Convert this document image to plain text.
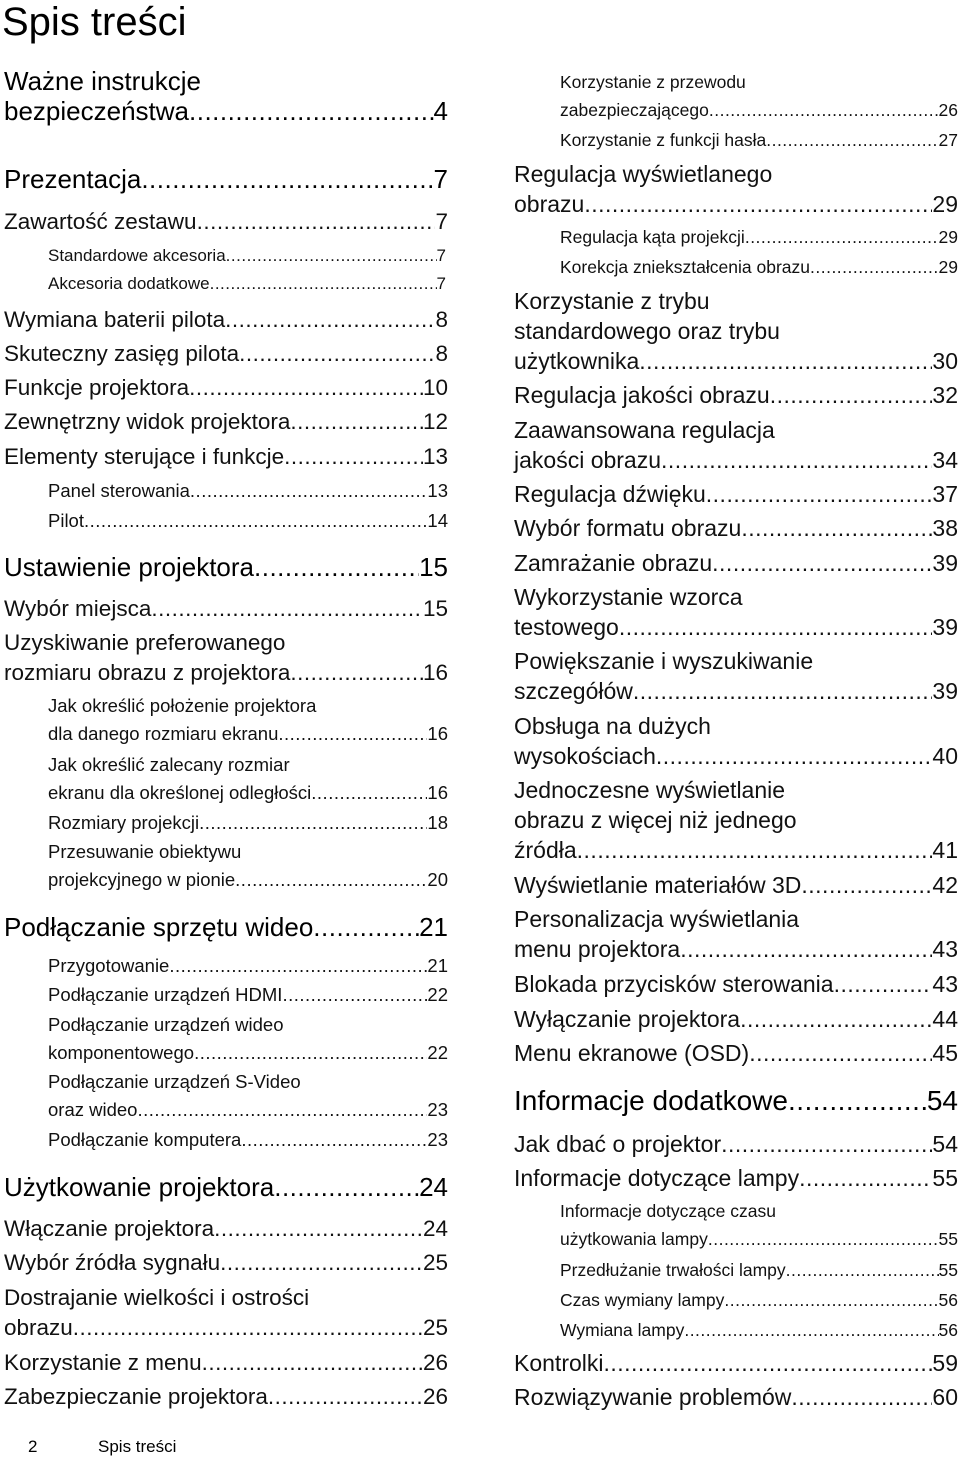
Spis treści
Ważne instrukcje
bezpieczeństwa .....	4
Prezentacja .....	7
Zawartość zestawu .....	7
Standardowe akcesoria .....	7
Akcesoria dodatkowe .....	7
Wymiana baterii pilota .....	8
Skuteczny zasięg pilota .....	8
Funkcje projektora .....	10
Zewnętrzny widok projektora .....	12
Elementy sterujące i funkcje .....	13
Panel sterowania .....	13
Pilot .....	14
Ustawienie projektora .....	15
Wybór miejsca .....	15
Uzyskiwanie preferowanego
rozmiaru obrazu z projektora .....	16
Jak określić położenie projektora
dla danego rozmiaru ekranu .....	16
Jak określić zalecany rozmiar
ekranu dla określonej odległości .....	16
Rozmiary projekcji .....	18
Przesuwanie obiektywu
projekcyjnego w pionie .....	20
Podłączanie sprzętu wideo .....	21
Przygotowanie .....	21
Podłączanie urządzeń HDMI .....	22
Podłączanie urządzeń wideo
komponentowego .....	22
Podłączanie urządzeń S-Video
oraz wideo .....	23
Podłączanie komputera .....	23
Użytkowanie projektora .....	24
Włączanie projektora .....	24
Wybór źródła sygnału .....	25
Dostrajanie wielkości i ostrości
obrazu .....	25
Korzystanie z menu .....	26
Zabezpieczanie projektora .....	26
Korzystanie z przewodu
zabezpieczającego .....	26
Korzystanie z funkcji hasła .....	27
Regulacja wyświetlanego
obrazu .....	29
Regulacja kąta projekcji .....	29
Korekcja zniekształcenia obrazu .....	29
Korzystanie z trybu
standardowego oraz trybu
użytkownika .....	30
Regulacja jakości obrazu .....	32
Zaawansowana regulacja
jakości obrazu .....	34
Regulacja dźwięku .....	37
Wybór formatu obrazu .....	38
Zamrażanie obrazu .....	39
Wykorzystanie wzorca
testowego .....	39
Powiększanie i wyszukiwanie
szczegółów .....	39
Obsługa na dużych
wysokościach .....	40
Jednoczesne wyświetlanie
obrazu z więcej niż jednego
źródła .....	41
Wyświetlanie materiałów 3D .....	42
Personalizacja wyświetlania
menu projektora .....	43
Blokada przycisków sterowania .....	43
Wyłączanie projektora .....	44
Menu ekranowe (OSD) .....	45
Informacje dodatkowe .....	54
Jak dbać o projektor .....	54
Informacje dotyczące lampy .....	55
Informacje dotyczące czasu
użytkowania lampy .....	55
Przedłużanie trwałości lampy .....	55
Czas wymiany lampy .....	56
Wymiana lampy .....	56
Kontrolki .....	59
Rozwiązywanie problemów .....	60
2	Spis treści
